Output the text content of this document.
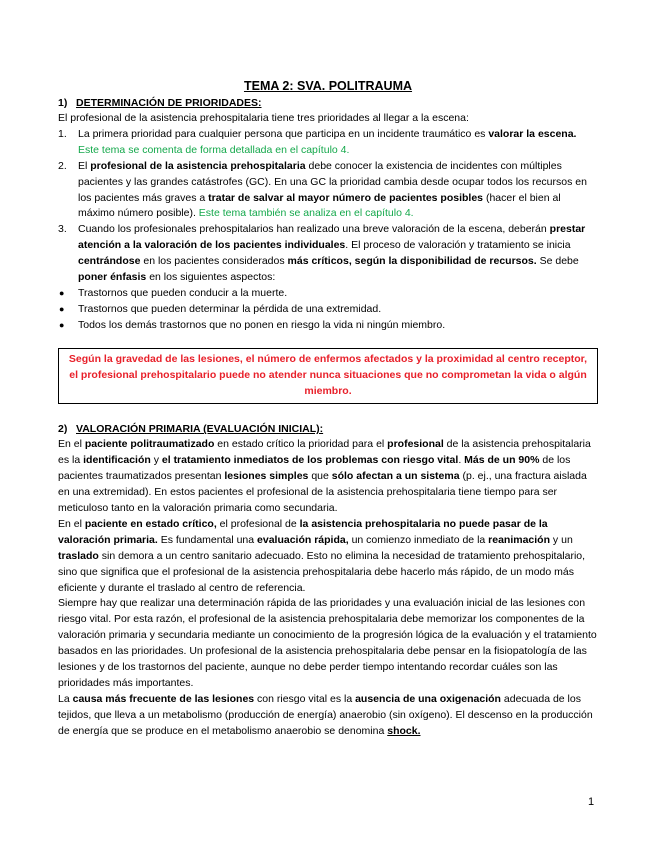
TEMA 2: SVA. POLITRAUMA
1) DETERMINACIÓN DE PRIORIDADES:

El profesional de la asistencia prehospitalaria tiene tres prioridades al llegar a la escena:

1. La primera prioridad para cualquier persona que participa en un incidente traumático es valorar la escena. Este tema se comenta de forma detallada en el capítulo 4.
2. El profesional de la asistencia prehospitalaria debe conocer la existencia de incidentes con múltiples pacientes y las grandes catástrofes (GC). En una GC la prioridad cambia desde ocupar todos los recursos en los pacientes más graves a tratar de salvar al mayor número de pacientes posibles (hacer el bien al máximo número posible). Este tema también se analiza en el capítulo 4.
3. Cuando los profesionales prehospitalarios han realizado una breve valoración de la escena, deberán prestar atención a la valoración de los pacientes individuales. El proceso de valoración y tratamiento se inicia centrándose en los pacientes considerados más críticos, según la disponibilidad de recursos. Se debe poner énfasis en los siguientes aspectos:
● Trastornos que pueden conducir a la muerte.
● Trastornos que pueden determinar la pérdida de una extremidad.
● Todos los demás trastornos que no ponen en riesgo la vida ni ningún miembro.
Según la gravedad de las lesiones, el número de enfermos afectados y la proximidad al centro receptor, el profesional prehospitalario puede no atender nunca situaciones que no comprometan la vida o algún miembro.
2) VALORACIÓN PRIMARIA (EVALUACIÓN INICIAL):

En el paciente politraumatizado en estado crítico la prioridad para el profesional de la asistencia prehospitalaria es la identificación y el tratamiento inmediatos de los problemas con riesgo vital. Más de un 90% de los pacientes traumatizados presentan lesiones simples que sólo afectan a un sistema (p. ej., una fractura aislada en una extremidad). En estos pacientes el profesional de la asistencia prehospitalaria tiene tiempo para ser meticuloso tanto en la valoración primaria como secundaria.

En el paciente en estado crítico, el profesional de la asistencia prehospitalaria no puede pasar de la valoración primaria. Es fundamental una evaluación rápida, un comienzo inmediato de la reanimación y un traslado sin demora a un centro sanitario adecuado. Esto no elimina la necesidad de tratamiento prehospitalario, sino que significa que el profesional de la asistencia prehospitalaria debe hacerlo más rápido, de un modo más eficiente y durante el traslado al centro de referencia.

Siempre hay que realizar una determinación rápida de las prioridades y una evaluación inicial de las lesiones con riesgo vital. Por esta razón, el profesional de la asistencia prehospitalaria debe memorizar los componentes de la valoración primaria y secundaria mediante un conocimiento de la progresión lógica de la evaluación y el tratamiento basados en las prioridades. Un profesional de la asistencia prehospitalaria debe pensar en la fisiopatología de las lesiones y de los trastornos del paciente, aunque no debe perder tiempo intentando recordar cuáles son las prioridades más importantes.

La causa más frecuente de las lesiones con riesgo vital es la ausencia de una oxigenación adecuada de los tejidos, que lleva a un metabolismo (producción de energía) anaerobio (sin oxígeno). El descenso en la producción de energía que se produce en el metabolismo anaerobio se denomina shock.

1
